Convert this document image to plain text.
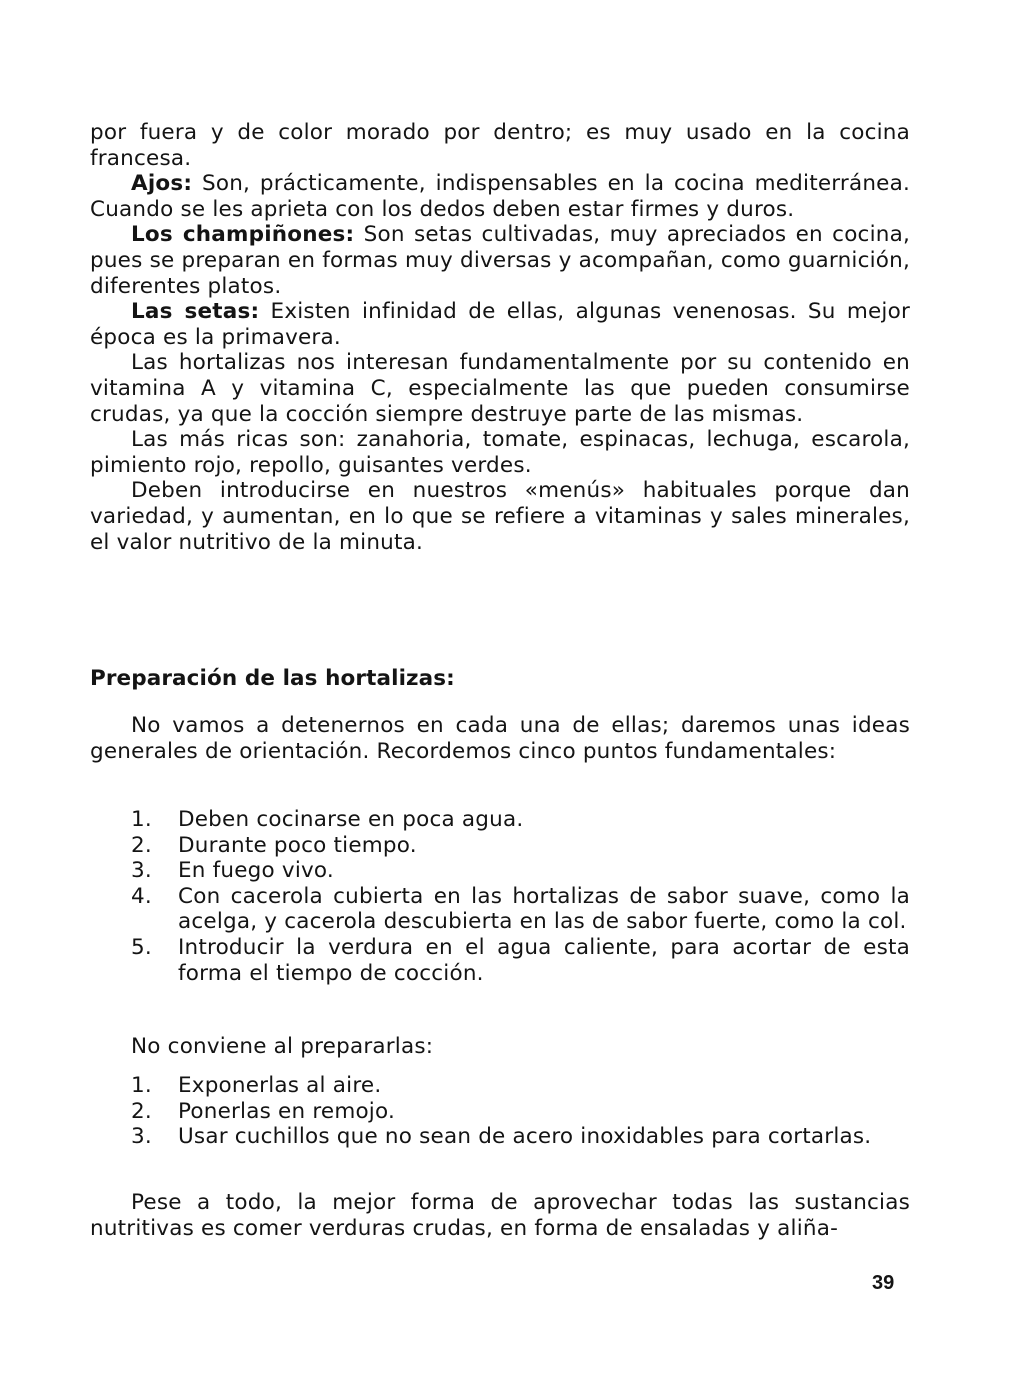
por fuera y de color morado por dentro; es muy usado en la cocina francesa.

Ajos: Son, prácticamente, indispensables en la cocina mediterránea. Cuando se les aprieta con los dedos deben estar firmes y duros.

Los champiñones: Son setas cultivadas, muy apreciados en cocina, pues se preparan en formas muy diversas y acompañan, como guarnición, diferentes platos.

Las setas: Existen infinidad de ellas, algunas venenosas. Su mejor época es la primavera.

Las hortalizas nos interesan fundamentalmente por su contenido en vitamina A y vitamina C, especialmente las que pueden consumirse crudas, ya que la cocción siempre destruye parte de las mismas.

Las más ricas son: zanahoria, tomate, espinacas, lechuga, escarola, pimiento rojo, repollo, guisantes verdes.

Deben introducirse en nuestros «menús» habituales porque dan variedad, y aumentan, en lo que se refiere a vitaminas y sales minerales, el valor nutritivo de la minuta.

Preparación de las hortalizas:

No vamos a detenernos en cada una de ellas; daremos unas ideas generales de orientación. Recordemos cinco puntos fundamentales:

1.	Deben cocinarse en poca agua.
2.	Durante poco tiempo.
3.	En fuego vivo.
4.	Con cacerola cubierta en las hortalizas de sabor suave, como la acelga, y cacerola descubierta en las de sabor fuerte, como la col.
5.	Introducir la verdura en el agua caliente, para acortar de esta forma el tiempo de cocción.
No conviene al prepararlas:
1.	Exponerlas al aire.
2.	Ponerlas en remojo.
3.	Usar cuchillos que no sean de acero inoxidables para cortarlas.

Pese a todo, la mejor forma de aprovechar todas las sustancias nutritivas es comer verduras crudas, en forma de ensaladas y aliña-

39
